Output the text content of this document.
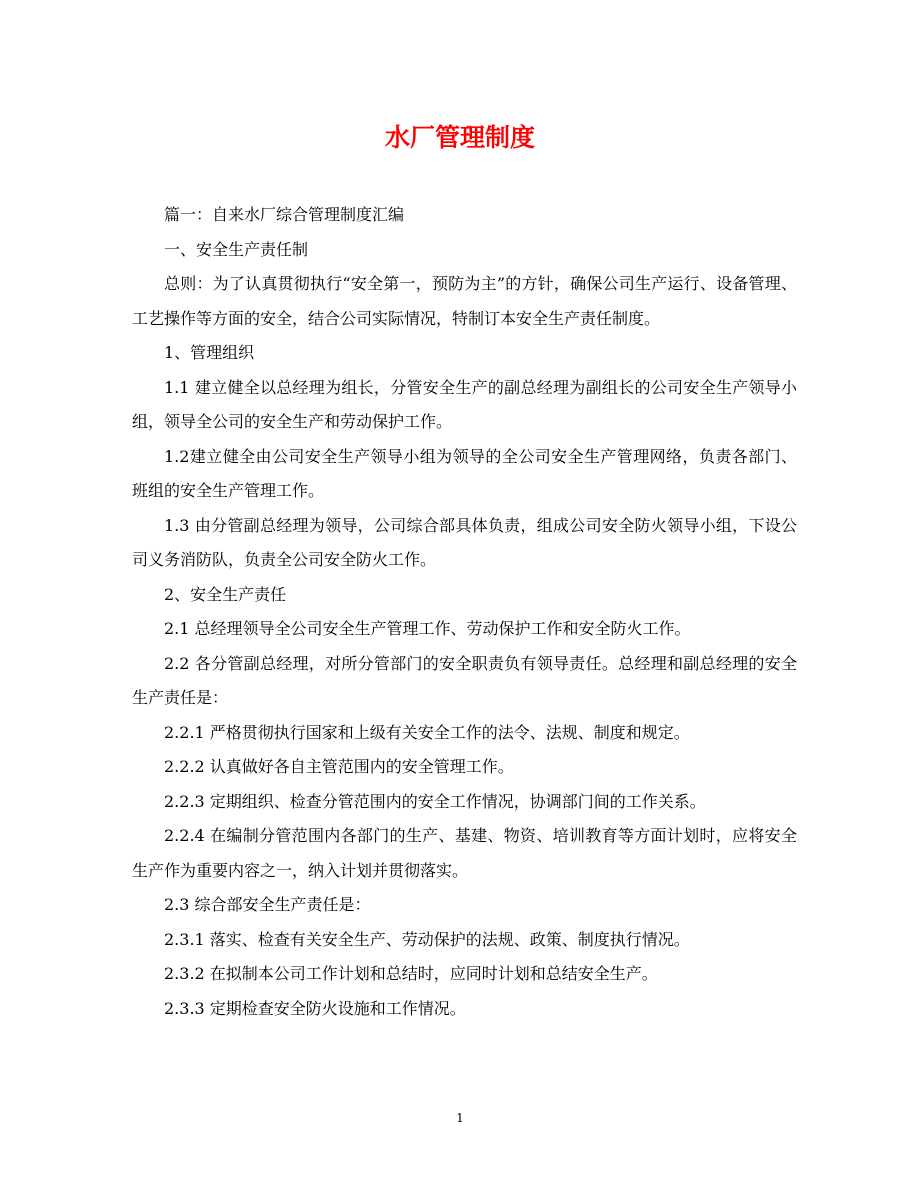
水厂管理制度

篇一：自来水厂综合管理制度汇编

一、安全生产责任制

总则：为了认真贯彻执行“安全第一，预防为主”的方针，确保公司生产运行、设备管理、工艺操作等方面的安全，结合公司实际情况，特制订本安全生产责任制度。

1、管理组织

1.1 建立健全以总经理为组长，分管安全生产的副总经理为副组长的公司安全生产领导小组，领导全公司的安全生产和劳动保护工作。

1.2建立健全由公司安全生产领导小组为领导的全公司安全生产管理网络，负责各部门、班组的安全生产管理工作。

1.3 由分管副总经理为领导，公司综合部具体负责，组成公司安全防火领导小组，下设公司义务消防队，负责全公司安全防火工作。

2、安全生产责任

2.1 总经理领导全公司安全生产管理工作、劳动保护工作和安全防火工作。

2.2 各分管副总经理，对所分管部门的安全职责负有领导责任。总经理和副总经理的安全生产责任是：

2.2.1 严格贯彻执行国家和上级有关安全工作的法令、法规、制度和规定。

2.2.2 认真做好各自主管范围内的安全管理工作。

2.2.3 定期组织、检查分管范围内的安全工作情况，协调部门间的工作关系。

2.2.4 在编制分管范围内各部门的生产、基建、物资、培训教育等方面计划时，应将安全生产作为重要内容之一，纳入计划并贯彻落实。

2.3 综合部安全生产责任是：

2.3.1 落实、检查有关安全生产、劳动保护的法规、政策、制度执行情况。

2.3.2 在拟制本公司工作计划和总结时，应同时计划和总结安全生产。

2.3.3 定期检查安全防火设施和工作情况。

1
